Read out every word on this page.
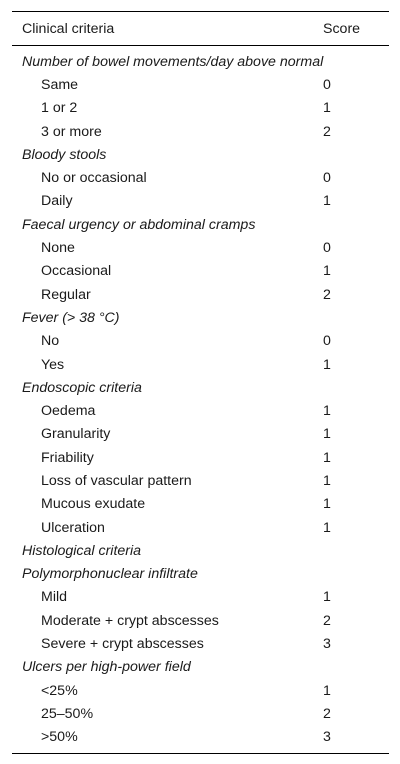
Clinical criteria	Score
Number of bowel movements/day above normal
Same	0
1 or 2	1
3 or more	2
Bloody stools
No or occasional	0
Daily	1
Faecal urgency or abdominal cramps
None	0
Occasional	1
Regular	2
Fever (> 38 °C)
No	0
Yes	1
Endoscopic criteria
Oedema	1
Granularity	1
Friability	1
Loss of vascular pattern	1
Mucous exudate	1
Ulceration	1
Histological criteria
Polymorphonuclear infiltrate
Mild	1
Moderate + crypt abscesses	2
Severe + crypt abscesses	3
Ulcers per high-power field
<25%	1
25–50%	2
>50%	3
